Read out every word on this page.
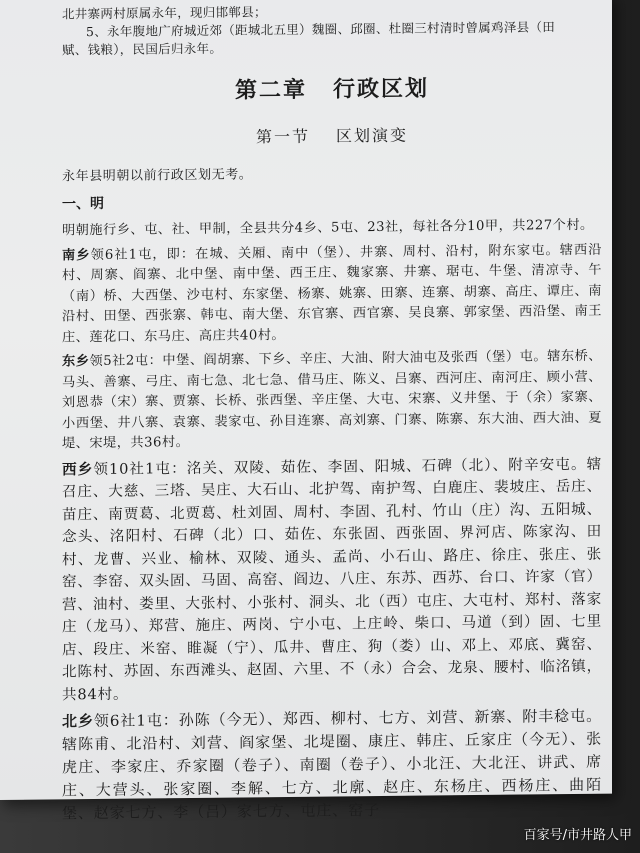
北井寨两村原属永年，现归邯郸县；
5、永年腹地广府城近郊（距城北五里）魏圈、邱圈、杜圈三村清时曾属鸡泽县（田
赋、钱粮），民国后归永年。
第二章 行政区划
第一节 区划演变

永年县明朝以前行政区划无考。

一、明

明朝施行乡、屯、社、甲制，全县共分4乡、5屯、23社，每社各分10甲，共227个村。

南乡领6社1屯，即：在城、关厢、南中（堡）、井寨、周村、沿村，附东家屯。辖西沿村、周寨、阎寨、北中堡、南中堡、西王庄、魏家寨、井寨、琚屯、牛堡、清凉寺、午（南）桥、大西堡、沙屯村、东家堡、杨寨、姚寨、田寨、连寨、胡寨、高庄、谭庄、南沿村、田堡、西张寨、韩屯、南大堡、东官寨、西官寨、吴良寨、郭家堡、西沿堡、南王庄、莲花口、东马庄、高庄共40村。

东乡领5社2屯：中堡、阎胡寨、下乡、辛庄、大油、附大油屯及张西（堡）屯。辖东桥、马头、善寨、弓庄、南七急、北七急、借马庄、陈义、吕寨、西河庄、南河庄、顾小营、刘恩恭（宋）寨、贾寨、长桥、张西堡、辛庄堡、大屯、宋寨、义井堡、于（余）家寨、小西堡、井八寨、袁寨、裴家屯、孙目连寨、高刘寨、门寨、陈寨、东大油、西大油、夏堤、宋堤，共36村。

西乡领10社1屯：洺关、双陵、茹佐、李固、阳城、石碑（北）、附辛安屯。辖召庄、大慈、三塔、吴庄、大石山、北护驾、南护驾、白鹿庄、裴坡庄、岳庄、苗庄、南贾葛、北贾葛、杜刘固、周村、李固、孔村、竹山（庄）沟、五阳城、念头、洺阳村、石碑（北）口、茹佐、东张固、西张固、界河店、陈家沟、田村、龙曹、兴业、榆林、双陵、通头、孟尚、小石山、路庄、徐庄、张庄、张窑、李窑、双头固、马固、高窑、阎边、八庄、东苏、西苏、台口、许家（官）营、油村、娄里、大张村、小张村、洞头、北（西）屯庄、大屯村、郑村、落家庄（龙马）、郑营、施庄、两岗、宁小屯、上庄岭、柴口、马道（到）固、七里店、段庄、米窑、睢凝（宁）、瓜井、曹庄、狗（娄）山、邓上、邓底、冀窑、北陈村、苏固、东西滩头、赵固、六里、不（永）合会、龙泉、腰村、临洺镇，共84村。

北乡领6社1屯：孙陈（今无）、郑西、柳村、七方、刘营、新寨、附丰稔屯。辖陈甫、北沿村、刘营、阎家堡、北堤圈、康庄、韩庄、丘家庄（今无）、张虎庄、李家庄、乔家圈（卷子）、南圈（卷子）、小北汪、大北汪、讲武、席庄、大营头、张家圈、李解、七方、北廓、赵庄、东杨庄、西杨庄、曲陌堡、赵家七方、李（吕）家七方、屯庄、窑子

百家号/市井路人甲
